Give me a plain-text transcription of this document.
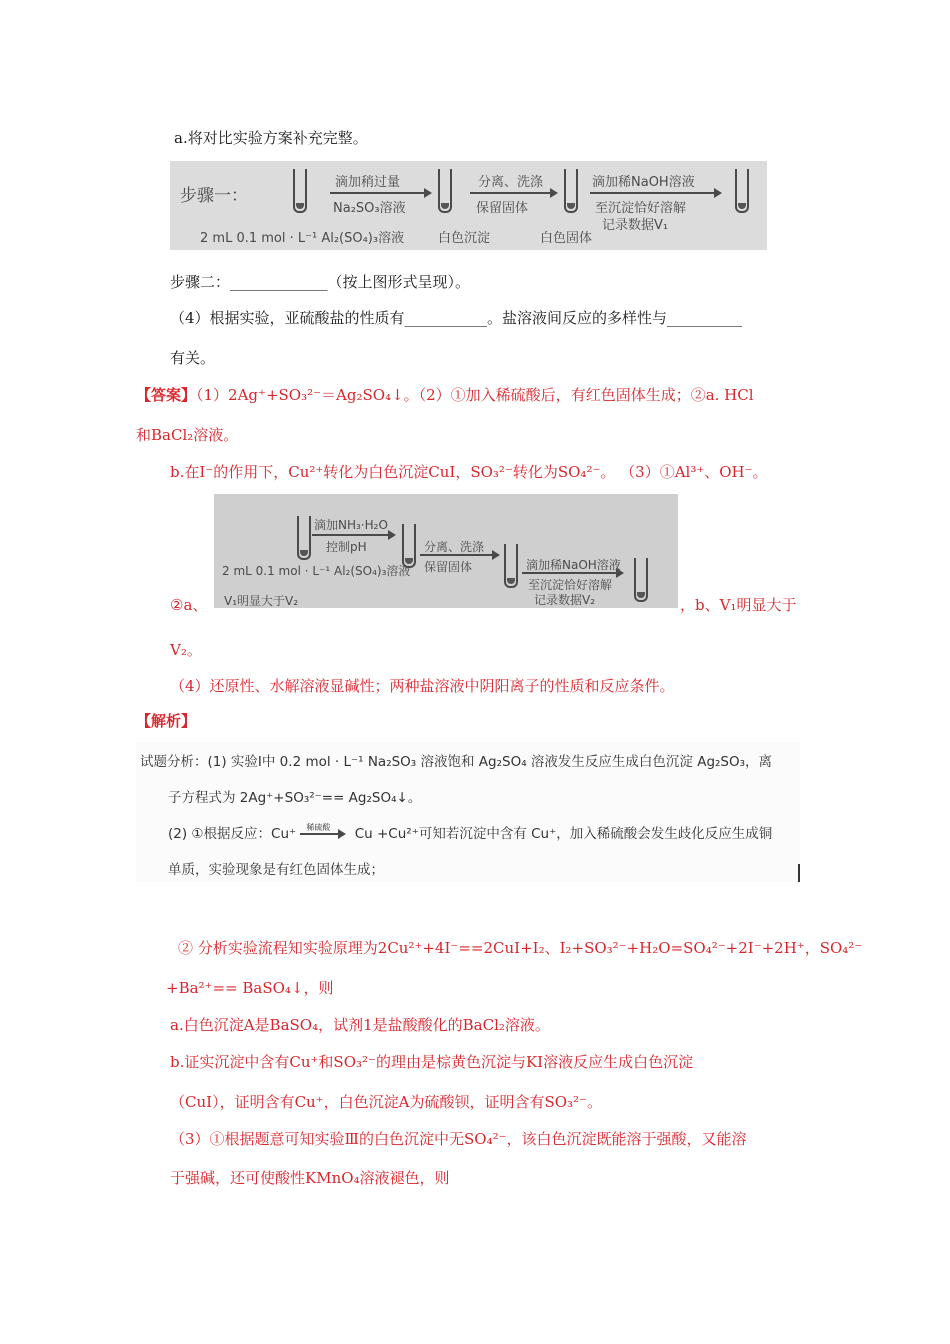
a.将对比实验方案补充完整。
步骤一：
滴加稍过量
Na₂SO₃溶液
分离、洗涤
保留固体
滴加稀NaOH溶液
至沉淀恰好溶解
记录数据V₁
2 mL 0.1 mol · L⁻¹ Al₂(SO₄)₃溶液	白色沉淀	白色固体
步骤二：_____________（按上图形式呈现）。
（4）根据实验，亚硫酸盐的性质有___________。盐溶液间反应的多样性与__________
有关。
【答案】（1）2Ag⁺+SO₃²⁻＝Ag₂SO₄↓。（2）①加入稀硫酸后，有红色固体生成；②a. HCl
和BaCl₂溶液。
b.在I⁻的作用下，Cu²⁺转化为白色沉淀CuI，SO₃²⁻转化为SO₄²⁻。 （3）①Al³⁺、OH⁻。
滴加NH₃·H₂O
控制pH	分离、洗涤
保留固体	滴加稀NaOH溶液
至沉淀恰好溶解
记录数据V₂
2 mL 0.1 mol · L⁻¹ Al₂(SO₄)₃溶液
V₁明显大于V₂
②a、	，b、V₁明显大于
V₂。
（4）还原性、水解溶液显碱性；两种盐溶液中阴阳离子的性质和反应条件。
【解析】
试题分析：(1) 实验Ⅰ中 0.2 mol · L⁻¹ Na₂SO₃ 溶液饱和 Ag₂SO₄ 溶液发生反应生成白色沉淀 Ag₂SO₃，离
子方程式为 2Ag⁺+SO₃²⁻== Ag₂SO₄↓。
(2) ①根据反应：Cu⁺ 稀硫酸 Cu +Cu²⁺可知若沉淀中含有 Cu⁺，加入稀硫酸会发生歧化反应生成铜
单质，实验现象是有红色固体生成；
② 分析实验流程知实验原理为2Cu²⁺+4I⁻==2CuI+I₂、I₂+SO₃²⁻+H₂O=SO₄²⁻+2I⁻+2H⁺，SO₄²⁻
+Ba²⁺== BaSO₄↓，则
a.白色沉淀A是BaSO₄，试剂1是盐酸酸化的BaCl₂溶液。
b.证实沉淀中含有Cu⁺和SO₃²⁻的理由是棕黄色沉淀与KI溶液反应生成白色沉淀
（CuI），证明含有Cu⁺，白色沉淀A为硫酸钡，证明含有SO₃²⁻。
（3）①根据题意可知实验Ⅲ的白色沉淀中无SO₄²⁻，该白色沉淀既能溶于强酸，又能溶
于强碱，还可使酸性KMnO₄溶液褪色，则
